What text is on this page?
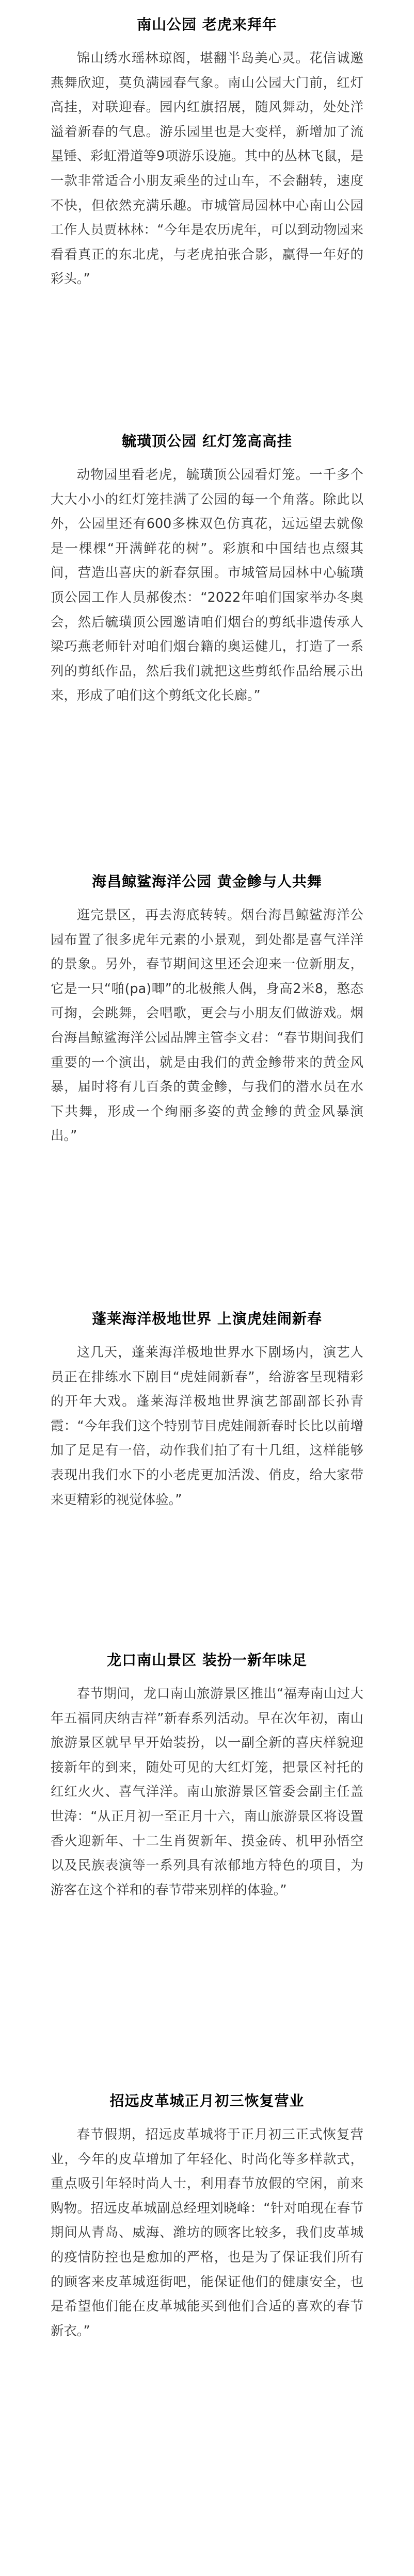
南山公园 老虎来拜年

锦山绣水瑶林琼阁，堪翻半岛美心灵。花信诚邀燕舞欣迎，莫负满园春气象。南山公园大门前，红灯高挂，对联迎春。园内红旗招展，随风舞动，处处洋溢着新春的气息。游乐园里也是大变样，新增加了流星锤、彩虹滑道等9项游乐设施。其中的丛林飞鼠，是一款非常适合小朋友乘坐的过山车，不会翻转，速度不快，但依然充满乐趣。市城管局园林中心南山公园工作人员贾林林：“今年是农历虎年，可以到动物园来看看真正的东北虎，与老虎拍张合影，赢得一年好的彩头。”

毓璜顶公园 红灯笼高高挂

动物园里看老虎，毓璜顶公园看灯笼。一千多个大大小小的红灯笼挂满了公园的每一个角落。除此以外，公园里还有600多株双色仿真花，远远望去就像是一棵棵“开满鲜花的树”。彩旗和中国结也点缀其间，营造出喜庆的新春氛围。市城管局园林中心毓璜顶公园工作人员郝俊杰：“2022年咱们国家举办冬奥会，然后毓璜顶公园邀请咱们烟台的剪纸非遗传承人梁巧燕老师针对咱们烟台籍的奥运健儿，打造了一系列的剪纸作品，然后我们就把这些剪纸作品给展示出来，形成了咱们这个剪纸文化长廊。”

海昌鲸鲨海洋公园 黄金鲹与人共舞

逛完景区，再去海底转转。烟台海昌鲸鲨海洋公园布置了很多虎年元素的小景观，到处都是喜气洋洋的景象。另外，春节期间这里还会迎来一位新朋友，它是一只“啪(pa)唧”的北极熊人偶，身高2米8，憨态可掬，会跳舞，会唱歌，更会与小朋友们做游戏。烟台海昌鲸鲨海洋公园品牌主管李文君：“春节期间我们重要的一个演出，就是由我们的黄金鲹带来的黄金风暴，届时将有几百条的黄金鲹，与我们的潜水员在水下共舞，形成一个绚丽多姿的黄金鲹的黄金风暴演出。”

蓬莱海洋极地世界 上演虎娃闹新春

这几天，蓬莱海洋极地世界水下剧场内，演艺人员正在排练水下剧目“虎娃闹新春”，给游客呈现精彩的开年大戏。蓬莱海洋极地世界演艺部副部长孙青霞：“今年我们这个特别节目虎娃闹新春时长比以前增加了足足有一倍，动作我们拍了有十几组，这样能够表现出我们水下的小老虎更加活泼、俏皮，给大家带来更精彩的视觉体验。”

龙口南山景区 装扮一新年味足

春节期间，龙口南山旅游景区推出“福寿南山过大年五福同庆纳吉祥”新春系列活动。早在次年初，南山旅游景区就早早开始装扮，以一副全新的喜庆样貌迎接新年的到来，随处可见的大红灯笼，把景区衬托的红红火火、喜气洋洋。南山旅游景区管委会副主任盖世涛：“从正月初一至正月十六，南山旅游景区将设置香火迎新年、十二生肖贺新年、摸金砖、机甲孙悟空以及民族表演等一系列具有浓郁地方特色的项目，为游客在这个祥和的春节带来别样的体验。”

招远皮革城正月初三恢复营业

春节假期，招远皮革城将于正月初三正式恢复营业，今年的皮草增加了年轻化、时尚化等多样款式，重点吸引年轻时尚人士，利用春节放假的空闲，前来购物。招远皮革城副总经理刘晓峰：“针对咱现在春节期间从青岛、威海、潍坊的顾客比较多，我们皮革城的疫情防控也是愈加的严格，也是为了保证我们所有的顾客来皮革城逛街吧，能保证他们的健康安全，也是希望他们能在皮革城能买到他们合适的喜欢的春节新衣。”
